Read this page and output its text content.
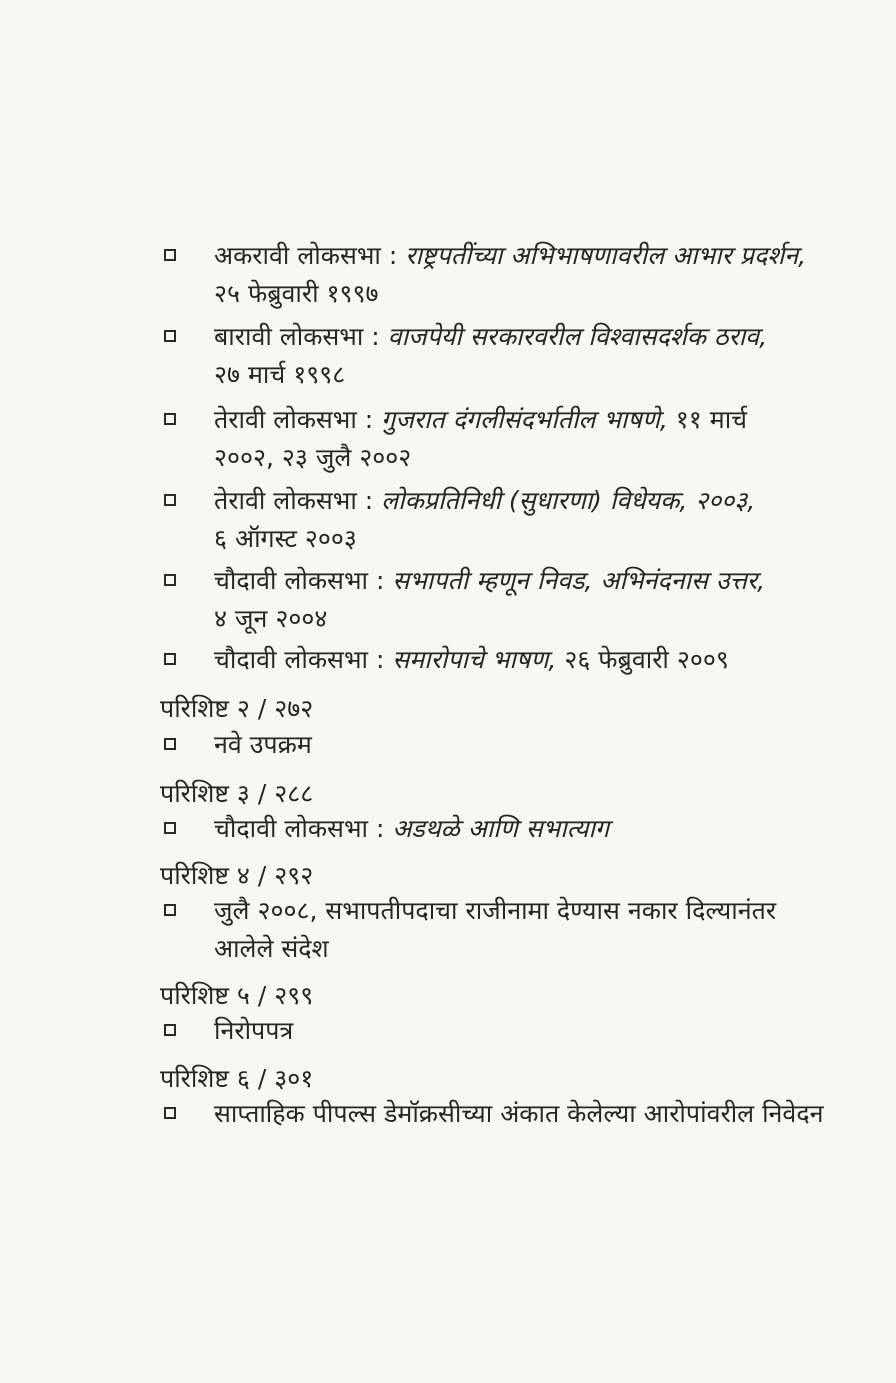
अकरावी लोकसभा : राष्ट्रपतींच्या अभिभाषणावरील आभार प्रदर्शन,
२५ फेब्रुवारी १९९७
बारावी लोकसभा : वाजपेयी सरकारवरील विश्वासदर्शक ठराव,
२७ मार्च १९९८
तेरावी लोकसभा : गुजरात दंगलीसंदर्भातील भाषणे, ११ मार्च
२००२, २३ जुलै २००२
तेरावी लोकसभा : लोकप्रतिनिधी (सुधारणा) विधेयक, २००३,
६ ऑगस्ट २००३
चौदावी लोकसभा : सभापती म्हणून निवड, अभिनंदनास उत्तर,
४ जून २००४
चौदावी लोकसभा : समारोपाचे भाषण, २६ फेब्रुवारी २००९
परिशिष्ट २ / २७२
नवे उपक्रम
परिशिष्ट ३ / २८८
चौदावी लोकसभा : अडथळे आणि सभात्याग
परिशिष्ट ४ / २९२
जुलै २००८, सभापतीपदाचा राजीनामा देण्यास नकार दिल्यानंतर
आलेले संदेश
परिशिष्ट ५ / २९९
निरोपपत्र
परिशिष्ट ६ / ३०१
साप्ताहिक पीपल्स डेमॉक्रसीच्या अंकात केलेल्या आरोपांवरील निवेदन
